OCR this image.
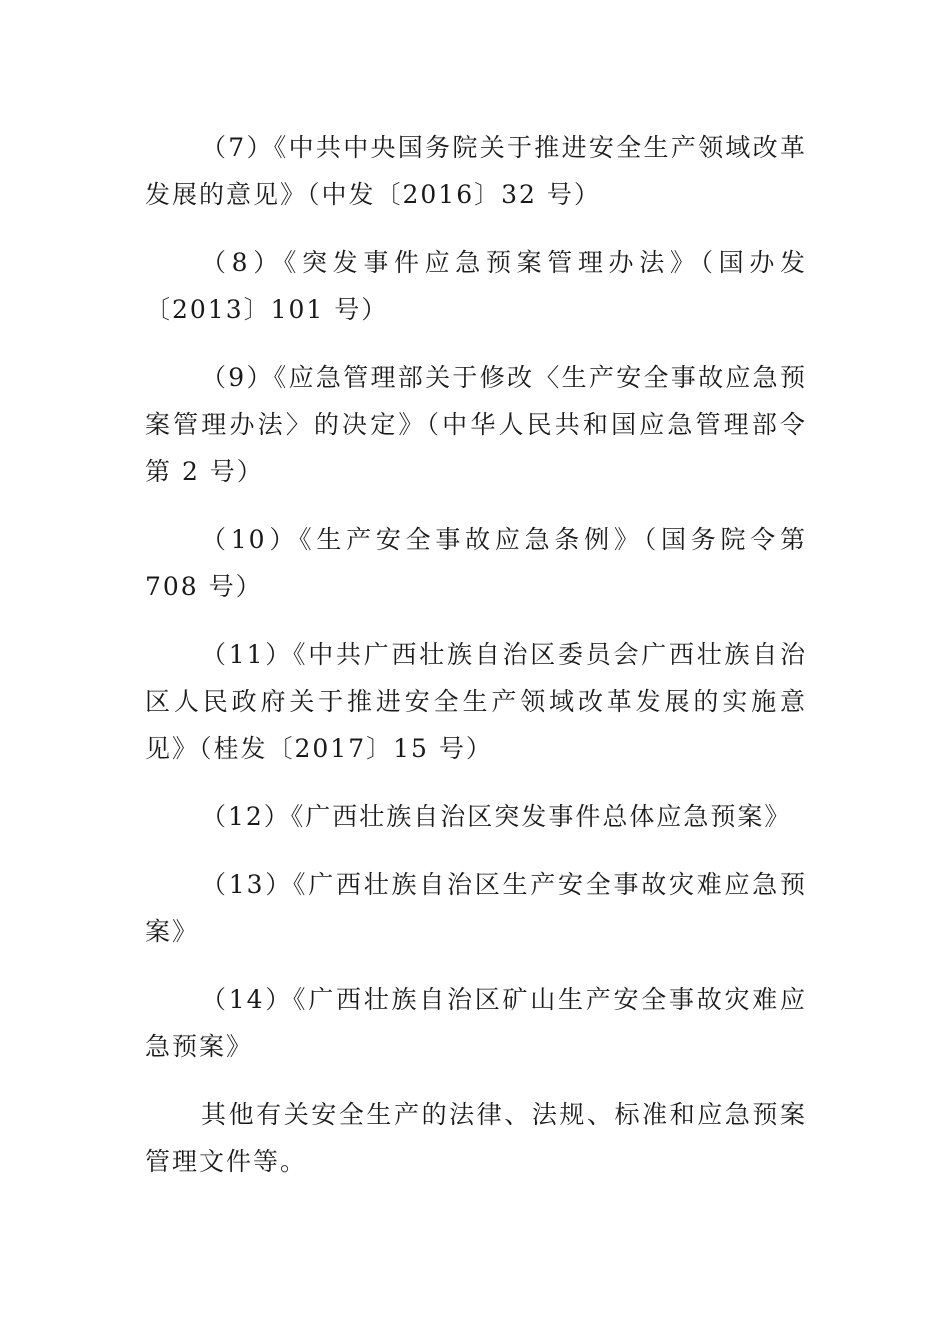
（7）《中共中央国务院关于推进安全生产领域改革发展的意见》（中发〔2016〕32 号）

（8）《突发事件应急预案管理办法》（国办发〔2013〕101 号）

（9）《应急管理部关于修改〈生产安全事故应急预案管理办法〉的决定》（中华人民共和国应急管理部令第 2 号）

（10）《生产安全事故应急条例》（国务院令第 708 号）

（11）《中共广西壮族自治区委员会广西壮族自治区人民政府关于推进安全生产领域改革发展的实施意见》（桂发〔2017〕15 号）

（12）《广西壮族自治区突发事件总体应急预案》

（13）《广西壮族自治区生产安全事故灾难应急预案》

（14）《广西壮族自治区矿山生产安全事故灾难应急预案》

其他有关安全生产的法律、法规、标准和应急预案管理文件等。
